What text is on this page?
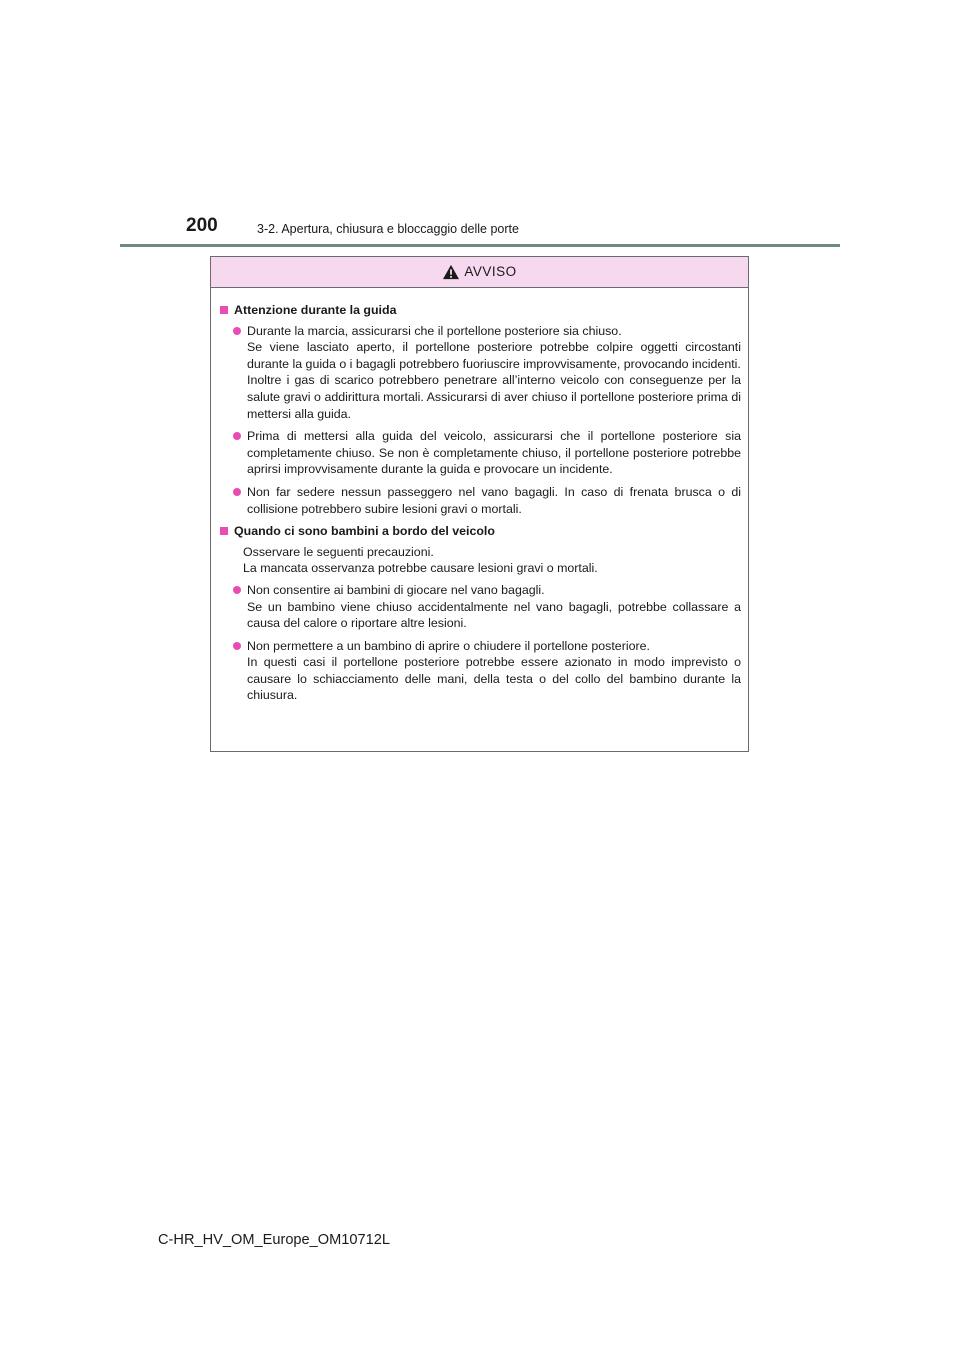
200	3-2. Apertura, chiusura e bloccaggio delle porte
AVVISO
Attenzione durante la guida

Durante la marcia, assicurarsi che il portellone posteriore sia chiuso.

Se viene lasciato aperto, il portellone posteriore potrebbe colpire oggetti circostanti durante la guida o i bagagli potrebbero fuoriuscire improvvisamente, provocando incidenti.

Inoltre i gas di scarico potrebbero penetrare all’interno veicolo con conseguenze per la salute gravi o addirittura mortali. Assicurarsi di aver chiuso il portellone posteriore prima di mettersi alla guida.

Prima di mettersi alla guida del veicolo, assicurarsi che il portellone posteriore sia completamente chiuso. Se non è completamente chiuso, il portellone posteriore potrebbe aprirsi improvvisamente durante la guida e provocare un incidente.

Non far sedere nessun passeggero nel vano bagagli. In caso di frenata brusca o di collisione potrebbero subire lesioni gravi o mortali.

Quando ci sono bambini a bordo del veicolo

Osservare le seguenti precauzioni.

La mancata osservanza potrebbe causare lesioni gravi o mortali.

Non consentire ai bambini di giocare nel vano bagagli.

Se un bambino viene chiuso accidentalmente nel vano bagagli, potrebbe collassare a causa del calore o riportare altre lesioni.

Non permettere a un bambino di aprire o chiudere il portellone posteriore.

In questi casi il portellone posteriore potrebbe essere azionato in modo imprevisto o causare lo schiacciamento delle mani, della testa o del collo del bambino durante la chiusura.

C-HR_HV_OM_Europe_OM10712L
